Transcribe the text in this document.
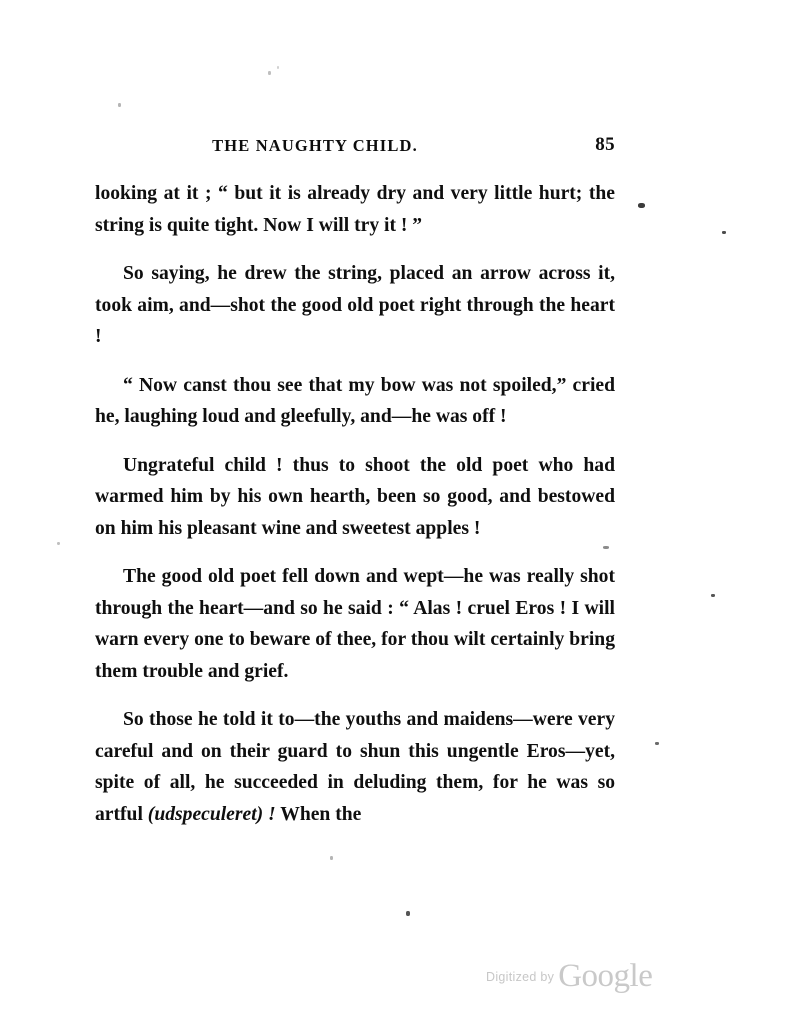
THE NAUGHTY CHILD.	85

looking at it ; “ but it is already dry and very little hurt; the string is quite tight. Now I will try it ! ”

So saying, he drew the string, placed an arrow across it, took aim, and—shot the good old poet right through the heart !

“ Now canst thou see that my bow was not spoiled,” cried he, laughing loud and gleefully, and—he was off !

Ungrateful child ! thus to shoot the old poet who had warmed him by his own hearth, been so good, and bestowed on him his pleasant wine and sweetest apples !

The good old poet fell down and wept—he was really shot through the heart—and so he said : “ Alas ! cruel Eros ! I will warn every one to beware of thee, for thou wilt certainly bring them trouble and grief.

So those he told it to—the youths and maidens—were very careful and on their guard to shun this ungentle Eros—yet, spite of all, he succeeded in deluding them, for he was so artful (udspeculeret) ! When the

$^{Digitized by}$ Google
